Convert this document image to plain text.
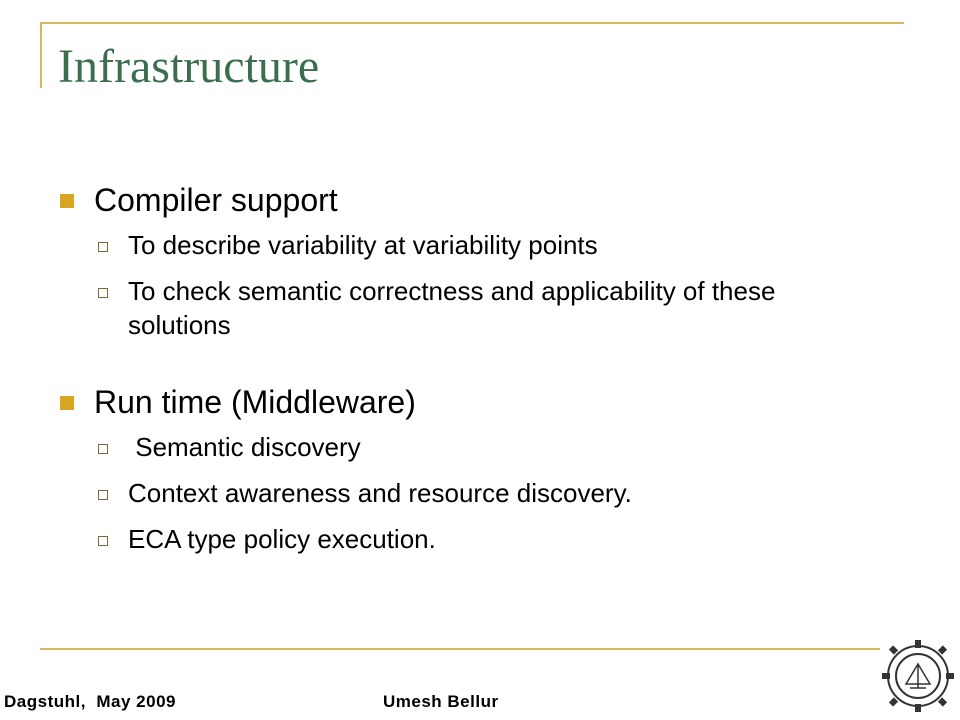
Infrastructure
Compiler support
To describe variability at variability points
To check semantic correctness and applicability of these solutions
Run time (Middleware)
Semantic discovery
Context awareness and resource discovery.
ECA type policy execution.
Dagstuhl,  May 2009	Umesh Bellur
